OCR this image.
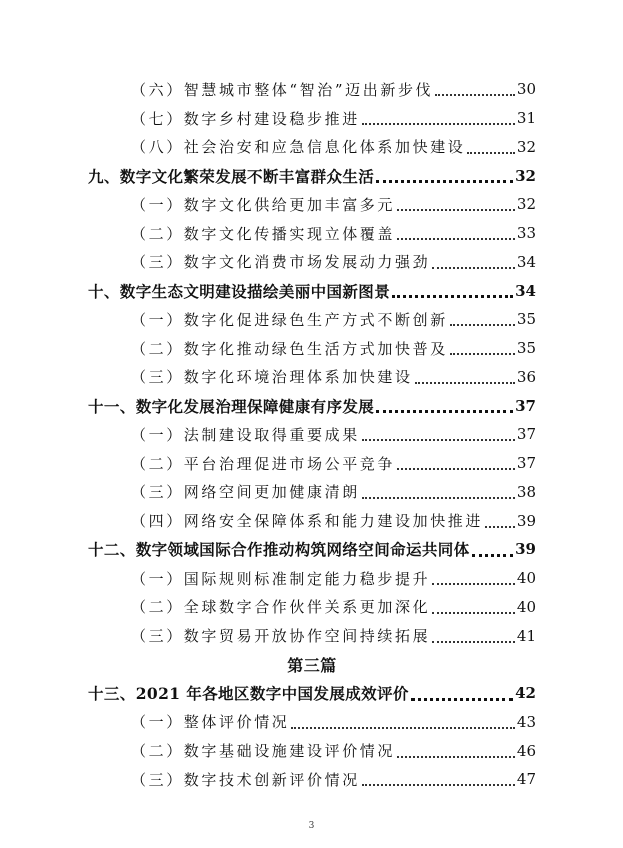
（六）智慧城市整体“智治”迈出新步伐	30
（七）数字乡村建设稳步推进	31
（八）社会治安和应急信息化体系加快建设	32
九、数字文化繁荣发展不断丰富群众生活	32
（一）数字文化供给更加丰富多元	32
（二）数字文化传播实现立体覆盖	33
（三）数字文化消费市场发展动力强劲	34
十、数字生态文明建设描绘美丽中国新图景	34
（一）数字化促进绿色生产方式不断创新	35
（二）数字化推动绿色生活方式加快普及	35
（三）数字化环境治理体系加快建设	36
十一、数字化发展治理保障健康有序发展	37
（一）法制建设取得重要成果	37
（二）平台治理促进市场公平竞争	37
（三）网络空间更加健康清朗	38
（四）网络安全保障体系和能力建设加快推进 39
十二、数字领域国际合作推动构筑网络空间命运共同体	39
（一）国际规则标准制定能力稳步提升	40
（二）全球数字合作伙伴关系更加深化	40
（三）数字贸易开放协作空间持续拓展	41
第三篇
十三、2021 年各地区数字中国发展成效评价	42
（一）整体评价情况	43
（二）数字基础设施建设评价情况	46
（三）数字技术创新评价情况	47
3
